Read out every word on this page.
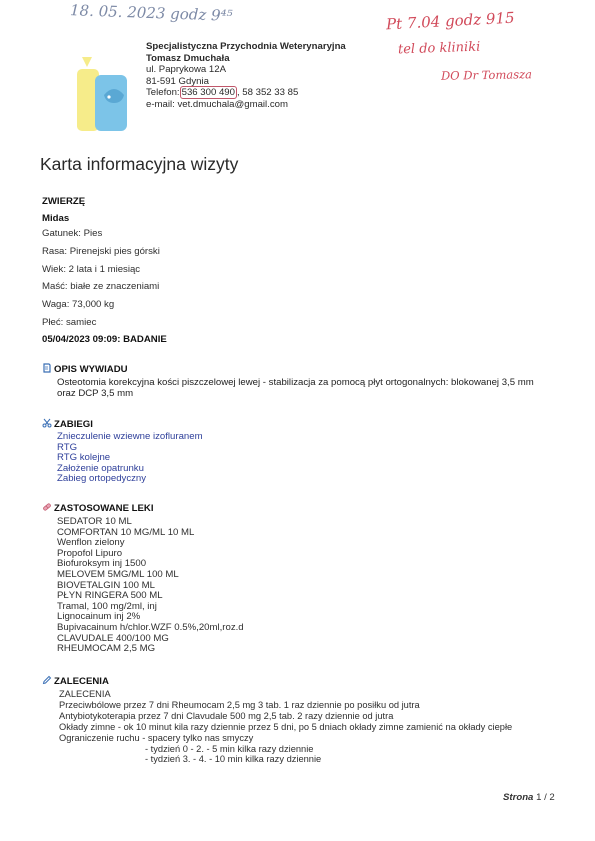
18. 05. 2023 godz 9⁴⁵	Pt 7.04 godz 915
tel do kliniki
DO Dr Tomasza
Specjalistyczna Przychodnia Weterynaryjna
Tomasz Dmuchała
ul. Paprykowa 12A
81-591 Gdynia
Telefon: 536 300 490 , 58 352 33 85
e-mail: vet.dmuchala@gmail.com
Karta informacyjna wizyty
ZWIERZĘ
Midas
Gatunek: Pies
Rasa: Pirenejski pies górski
Wiek: 2 lata i 1 miesiąc
Maść: białe ze znaczeniami
Waga: 73,000 kg
Płeć: samiec
05/04/2023 09:09: BADANIE
OPIS WYWIADU
Osteotomia korekcyjna kości piszczelowej lewej - stabilizacja za pomocą płyt ortogonalnych: blokowanej 3,5 mm
oraz DCP 3,5 mm
ZABIEGI
Znieczulenie wziewne izofluranem
RTG
RTG kolejne
Założenie opatrunku
Zabieg ortopedyczny
ZASTOSOWANE LEKI
SEDATOR 10 ML
COMFORTAN 10 MG/ML 10 ML
Wenflon zielony
Propofol Lipuro
Biofuroksym inj 1500
MELOVEM 5MG/ML 100 ML
BIOVETALGIN 100 ML
PŁYN RINGERA 500 ML
Tramal, 100 mg/2ml, inj
Lignocainum inj 2%
Bupivacainum h/chlor.WZF 0.5%,20ml,roz.d
CLAVUDALE 400/100 MG
RHEUMOCAM 2,5 MG
ZALECENIA
ZALECENIA
Przeciwbólowe przez 7 dni Rheumocam 2,5 mg 3 tab. 1 raz dziennie po posiłku od jutra
Antybiotykoterapia przez 7 dni Clavudale 500 mg 2,5 tab. 2 razy dziennie od jutra
Okłady zimne - ok 10 minut kila razy dziennie przez 5 dni, po 5 dniach okłady zimne zamienić na okłady ciepłe
Ograniczenie ruchu - spacery tylko nas smyczy
- tydzień 0 - 2. - 5 min kilka razy dziennie
- tydzień 3. - 4. - 10 min kilka razy dziennie
Strona 1 / 2
